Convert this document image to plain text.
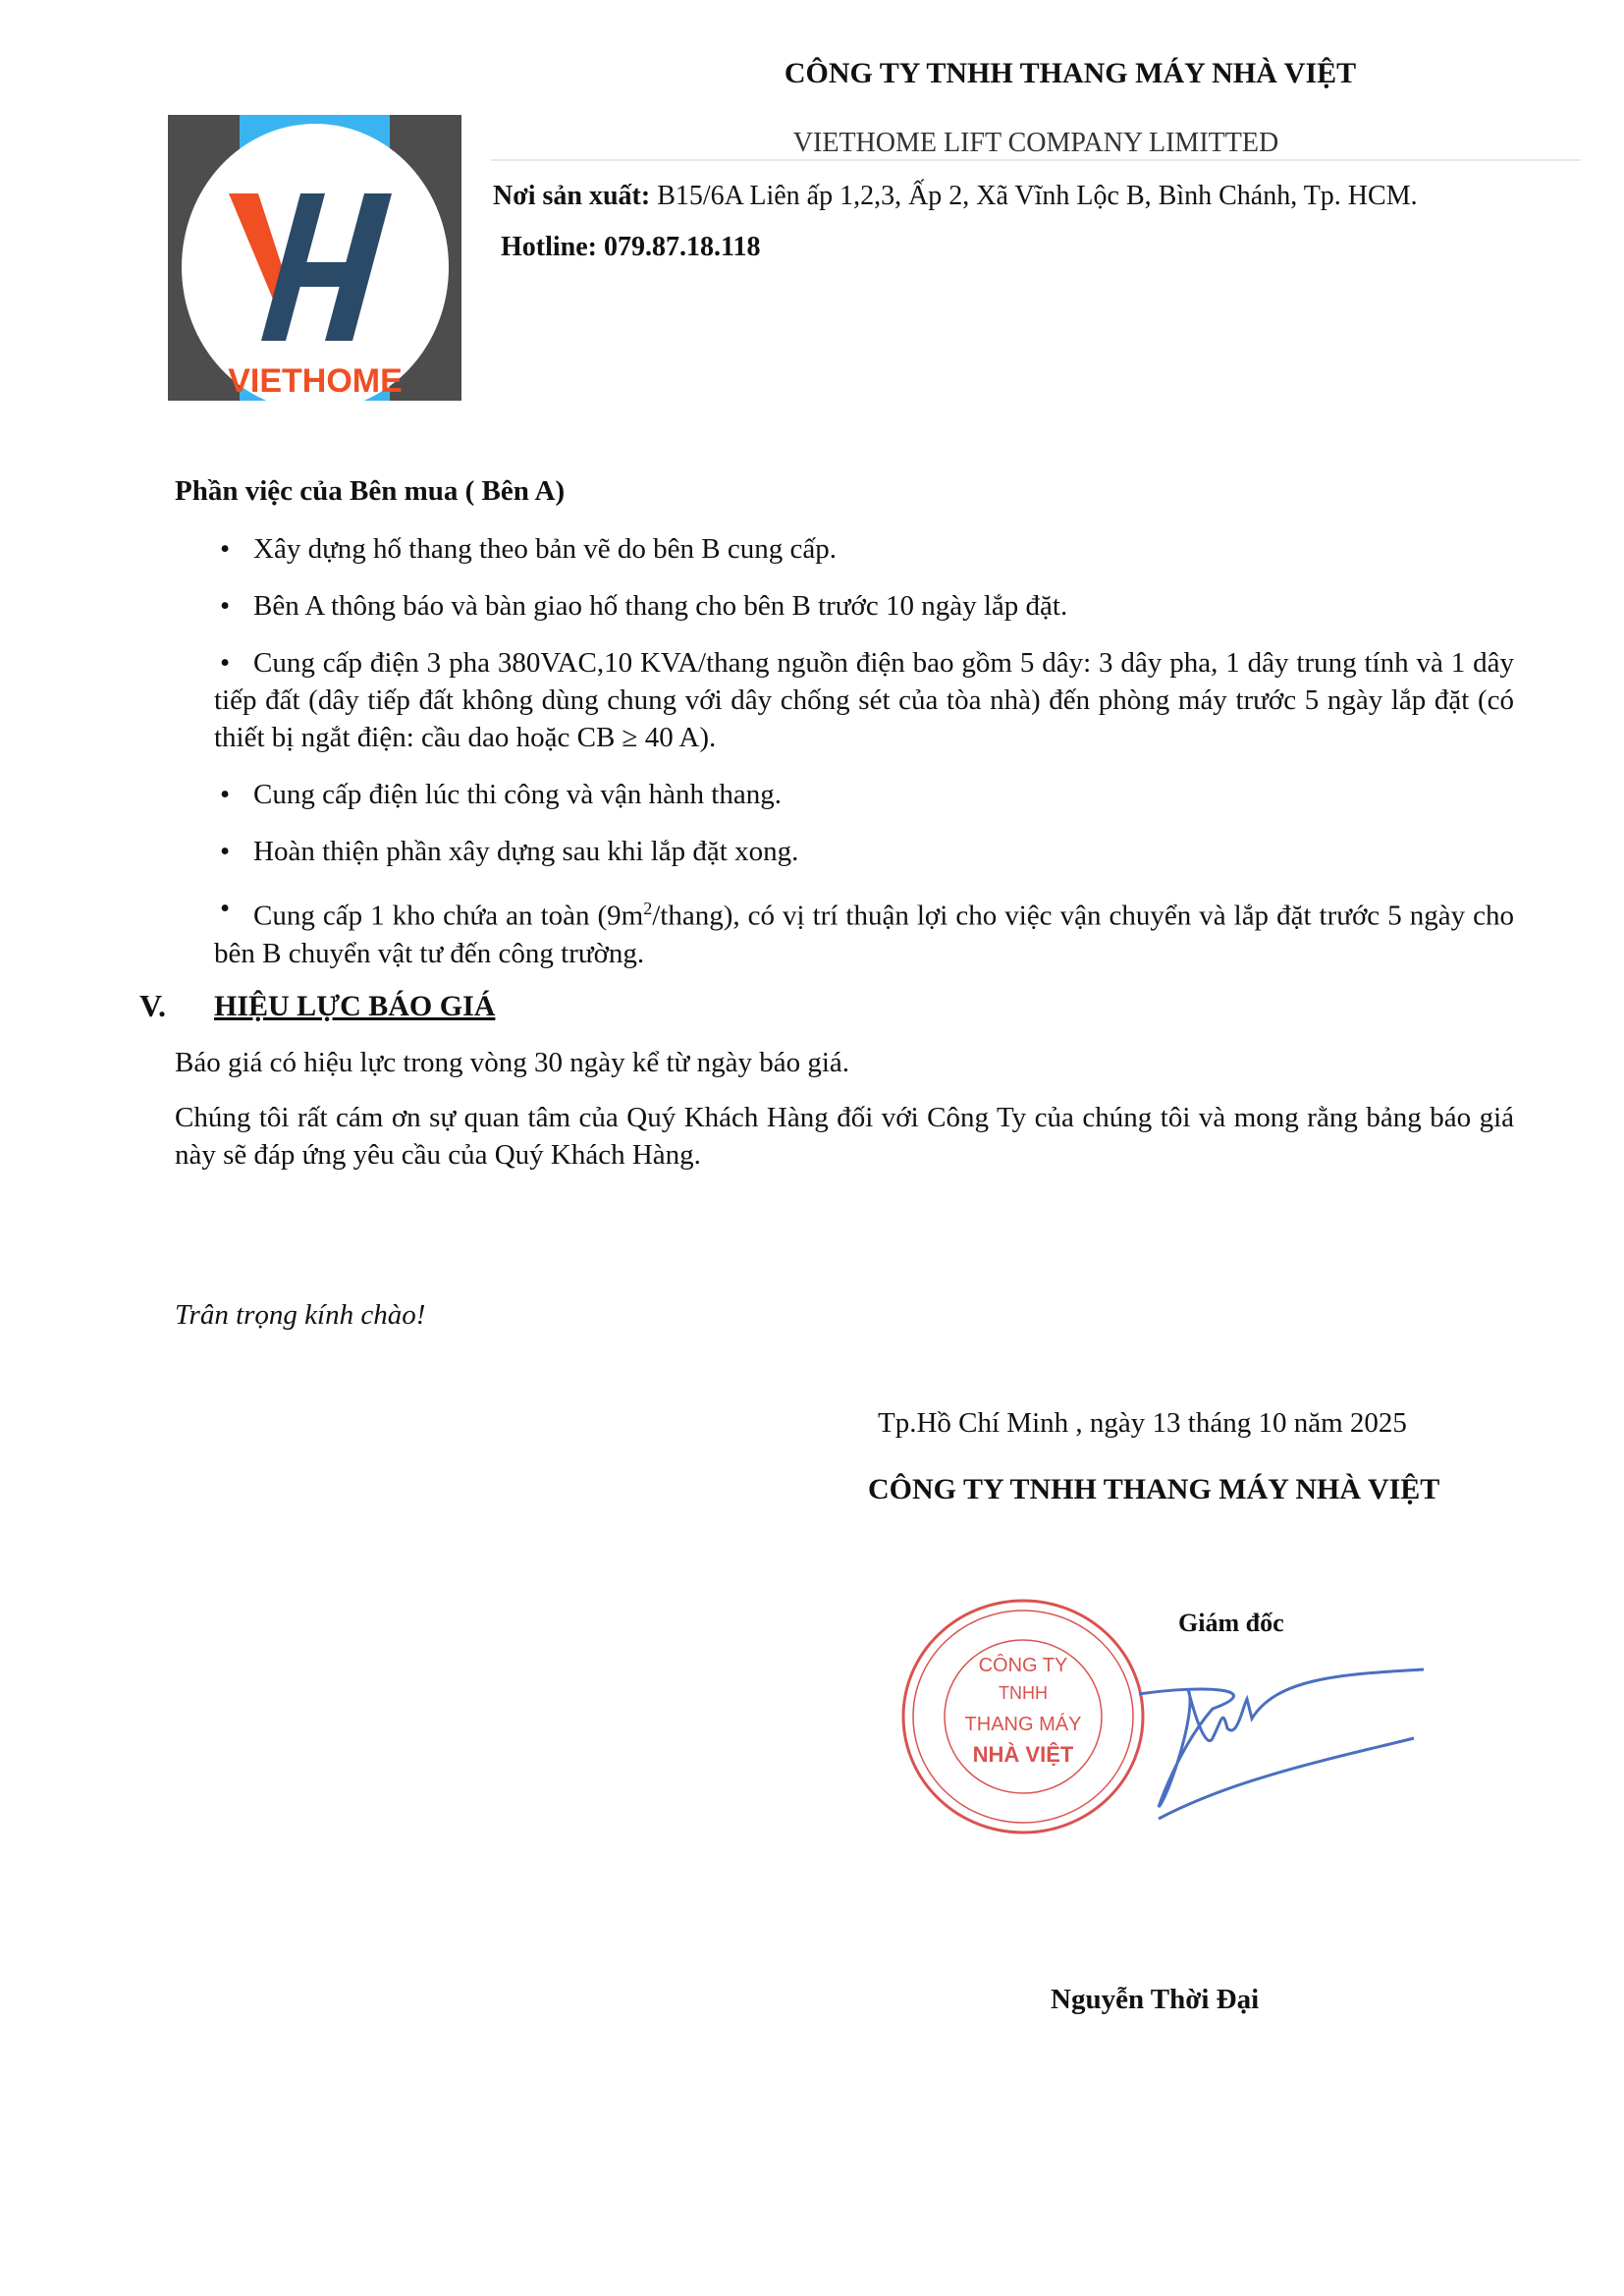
CÔNG TY TNHH THANG MÁY NHÀ VIỆT
VIETHOME
VIETHOME LIFT COMPANY LIMITTED
Nơi sản xuất: B15/6A Liên ấp 1,2,3, Ấp 2, Xã Vĩnh Lộc B, Bình Chánh, Tp. HCM.
Hotline: 079.87.18.118
Phần việc của Bên mua ( Bên A)
• Xây dựng hố thang theo bản vẽ do bên B cung cấp.
• Bên A thông báo và bàn giao hố thang cho bên B trước 10 ngày lắp đặt.
• Cung cấp điện 3 pha 380VAC,10 KVA/thang nguồn điện bao gồm 5 dây: 3 dây pha, 1 dây trung tính và 1 dây tiếp đất (dây tiếp đất không dùng chung với dây chống sét của tòa nhà) đến phòng máy trước 5 ngày lắp đặt (có thiết bị ngắt điện: cầu dao hoặc CB ≥ 40 A).
• Cung cấp điện lúc thi công và vận hành thang.
• Hoàn thiện phần xây dựng sau khi lắp đặt xong.
• Cung cấp 1 kho chứa an toàn $(9m^2/thang)$, có vị trí thuận lợi cho việc vận chuyển và lắp đặt trước 5 ngày cho bên B chuyển vật tư đến công trường.
V. HIỆU LỰC BÁO GIÁ
Báo giá có hiệu lực trong vòng 30 ngày kể từ ngày báo giá.
Chúng tôi rất cám ơn sự quan tâm của Quý Khách Hàng đối với Công Ty của chúng tôi và mong rằng bảng báo giá này sẽ đáp ứng yêu cầu của Quý Khách Hàng.
Trân trọng kính chào!
Tp.Hồ Chí Minh , ngày 13 tháng 10 năm 2025
CÔNG TY TNHH THANG MÁY NHÀ VIỆT
CÔNG TY
TNHH
THANG MÁY
NHÀ VIỆT
Giám đốc
Nguyễn Thời Đại
